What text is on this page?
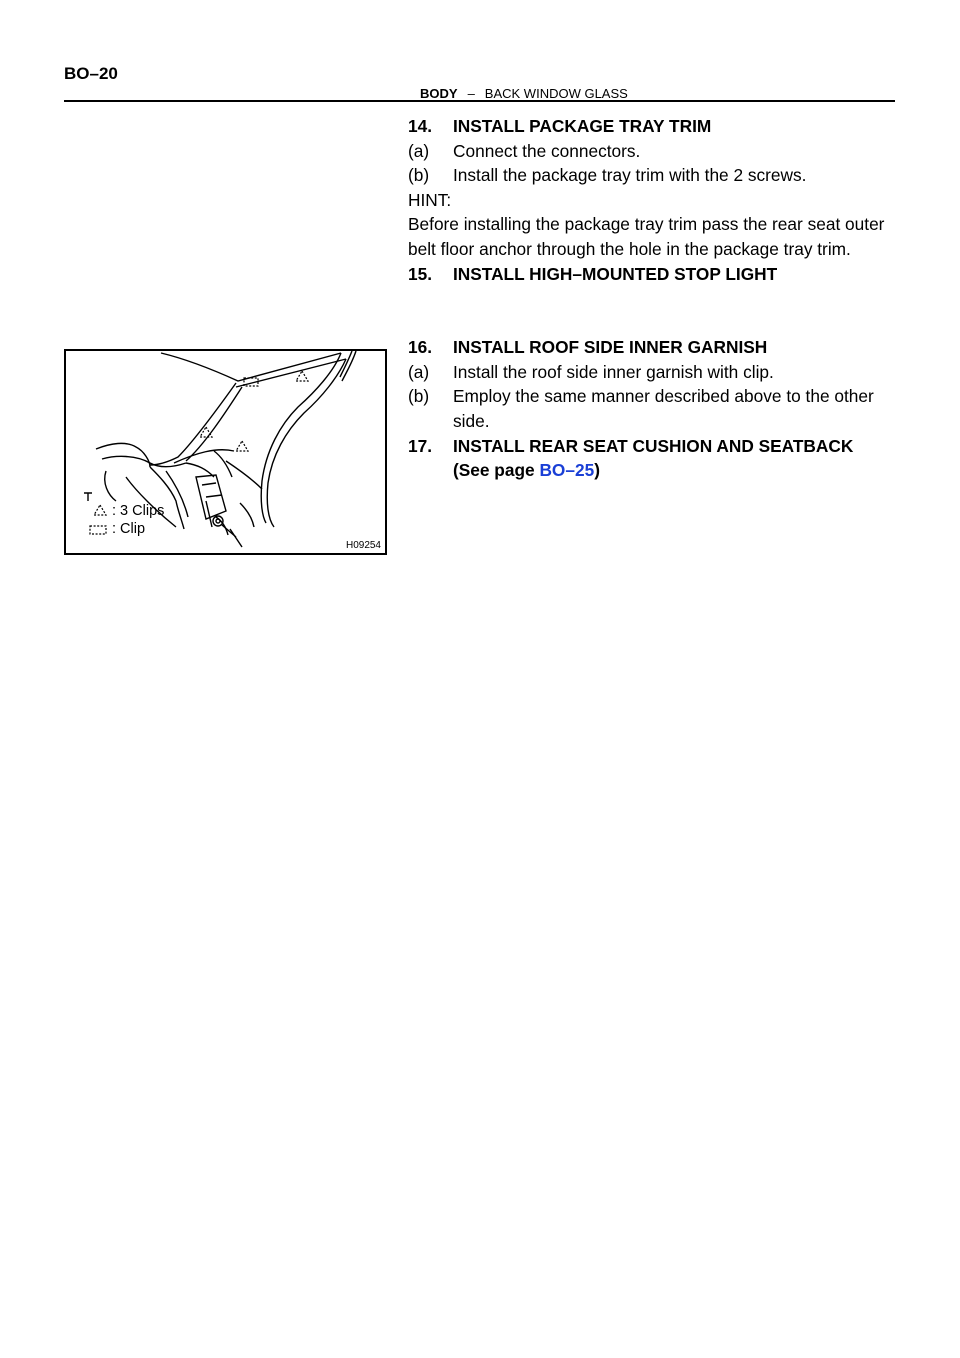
BO–20
BODY – BACK WINDOW GLASS
14. INSTALL PACKAGE TRAY TRIM
(a)	Connect the connectors.
(b)	Install the package tray trim with the 2 screws.
HINT:
Before installing the package tray trim pass the rear seat outer
belt floor anchor through the hole in the package tray trim.
15. INSTALL HIGH–MOUNTED STOP LIGHT
16. INSTALL ROOF SIDE INNER GARNISH
(a)	Install the roof side inner garnish with clip.
(b)	Employ the same manner described above to the other
side.
17. INSTALL REAR SEAT CUSHION AND SEATBACK
(See page BO–25)
: 3 Clips
: Clip
H09254
